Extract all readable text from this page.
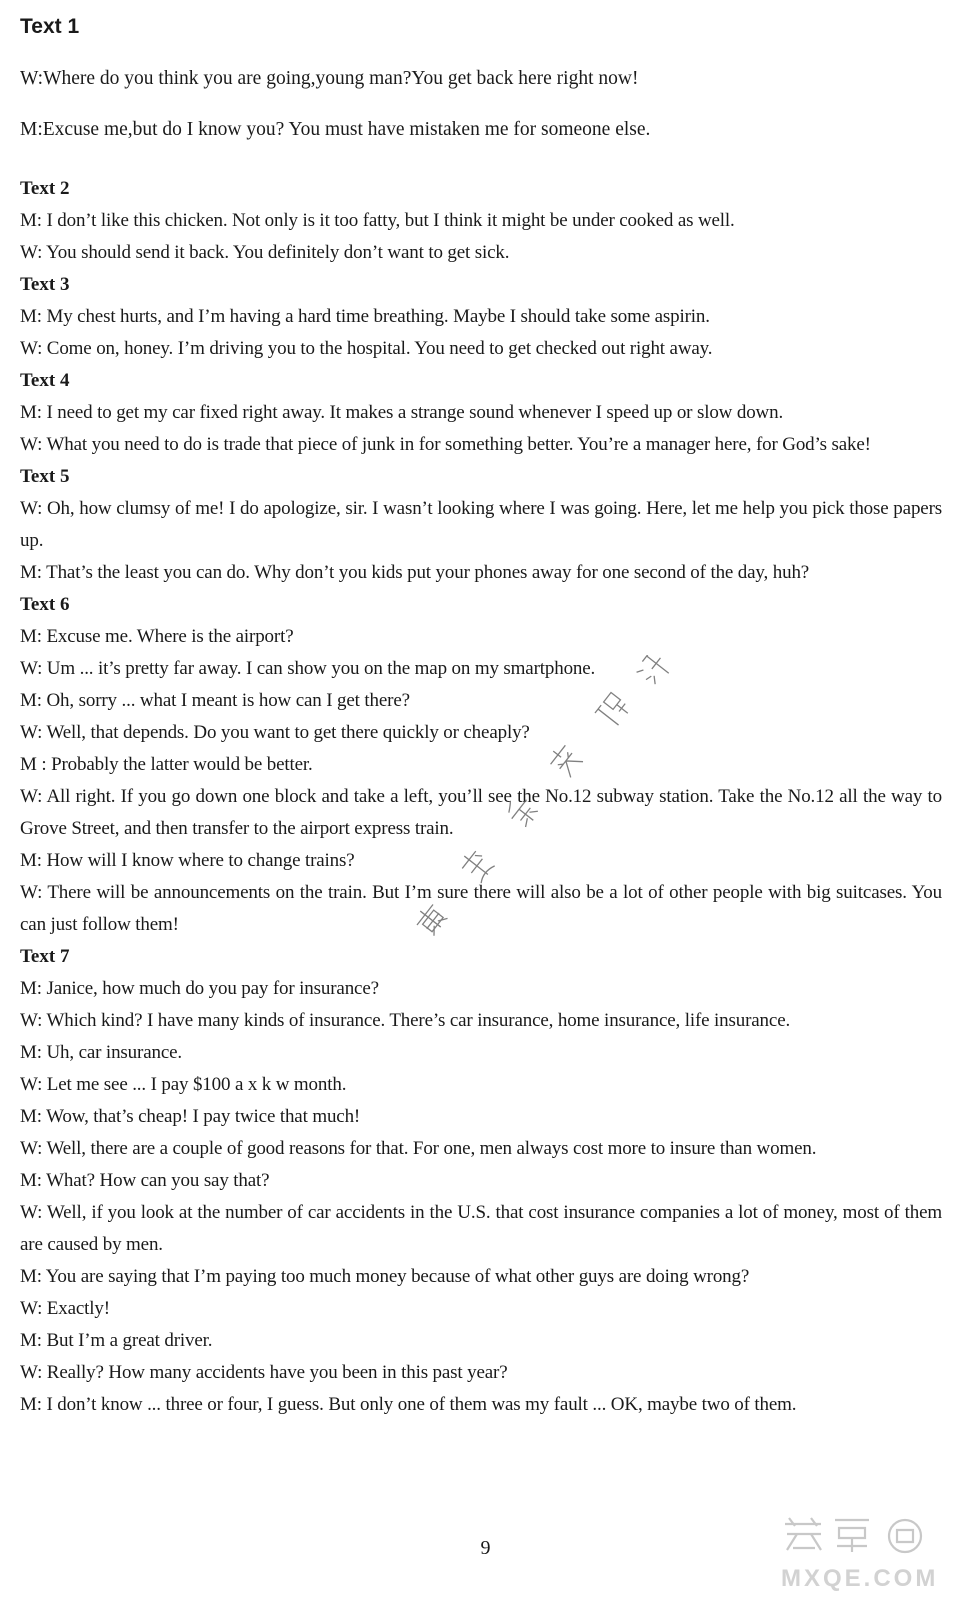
Text 1

W:Where do you think you are going,young man?You get back here right now!

M:Excuse me,but do I know you? You must have mistaken me for someone else.

Text 2
M: I don’t like this chicken. Not only is it too fatty, but I think it might be under cooked as well.
W: You should send it back. You definitely don’t want to get sick.
Text 3
M: My chest hurts, and I’m having a hard time breathing. Maybe I should take some aspirin.
W: Come on, honey. I’m driving you to the hospital. You need to get checked out right away.
Text 4
M: I need to get my car fixed right away. It makes a strange sound whenever I speed up or slow down.
W: What you need to do is trade that piece of junk in for something better. You’re a manager here, for God’s sake!
Text 5
W: Oh, how clumsy of me! I do apologize, sir. I wasn’t looking where I was going. Here, let me help you pick those papers up.
M: That’s the least you can do. Why don’t you kids put your phones away for one second of the day, huh?
Text 6
M: Excuse me. Where is the airport?
W: Um ... it’s pretty far away. I can show you on the map on my smartphone.
M: Oh, sorry ... what I meant is how can I get there?
W: Well, that depends. Do you want to get there quickly or cheaply?
M : Probably the latter would be better.
W: All right. If you go down one block and take a left, you’ll see the No.12 subway station. Take the No.12 all the way to Grove Street, and then transfer to the airport express train.
M: How will I know where to change trains?
W: There will be announcements on the train. But I’m sure there will also be a lot of other people with big suitcases. You can just follow them!
Text 7
M: Janice, how much do you pay for insurance?
W: Which kind? I have many kinds of insurance. There’s car insurance, home insurance, life insurance.
M: Uh, car insurance.
W: Let me see ... I pay $100 a x k w month.
M: Wow, that’s cheap! I pay twice that much!
W: Well, there are a couple of good reasons for that. For one, men always cost more to insure than women.
M: What? How can you say that?
W: Well, if you look at the number of car accidents in the U.S. that cost insurance companies a lot of money, most of them are caused by men.
M: You are saying that I’m paying too much money because of what other guys are doing wrong?
W: Exactly!
M: But I’m a great driver.
W: Really? How many accidents have you been in this past year?
M: I don’t know ... three or four, I guess. But only one of them was my fault ... OK, maybe two of them.
黑龙江考试资讯
9
MXQE.COM
答案圈
